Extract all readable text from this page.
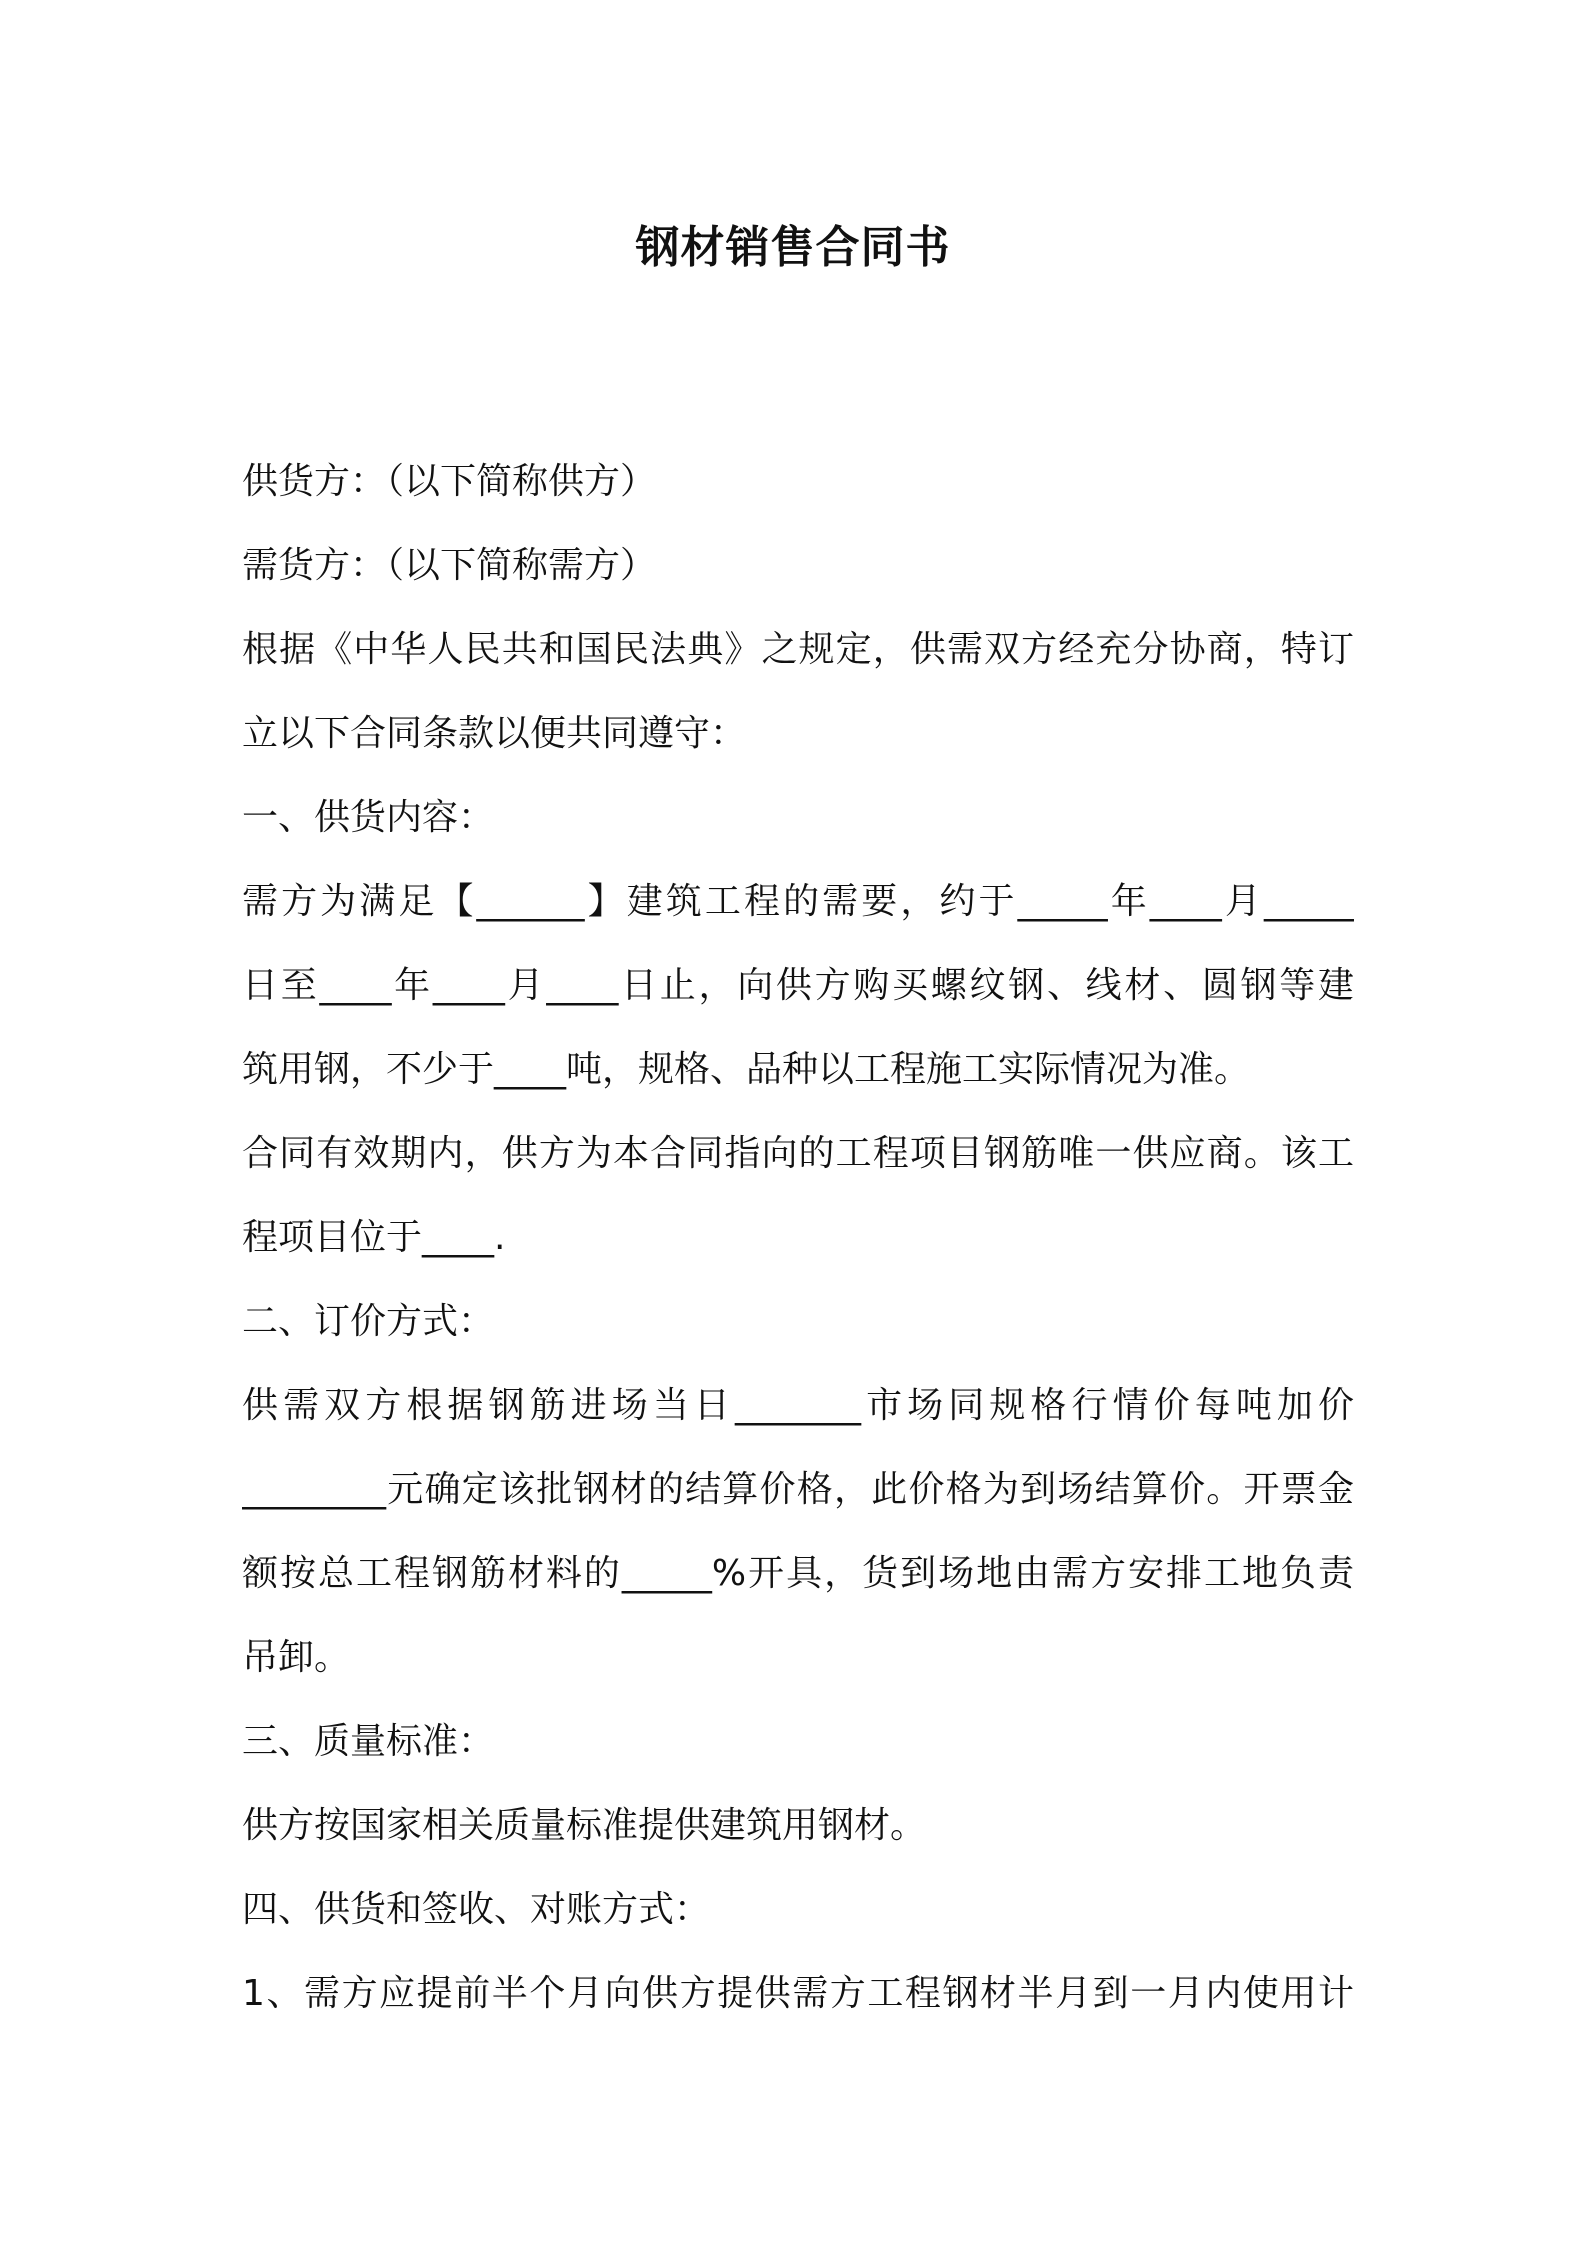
钢材销售合同书
供货方：（以下简称供方）
需货方：（以下简称需方）
根据《中华人民共和国民法典》之规定，供需双方经充分协商，特订
立以下合同条款以便共同遵守：
一、供货内容：
需方为满足【______】建筑工程的需要，约于_____年____月_____
日至____年____月____日止，向供方购买螺纹钢、线材、圆钢等建
筑用钢，不少于____吨，规格、品种以工程施工实际情况为准。
合同有效期内，供方为本合同指向的工程项目钢筋唯一供应商。该工
程项目位于____.
二、订价方式：
供需双方根据钢筋进场当日_______市场同规格行情价每吨加价
________元确定该批钢材的结算价格，此价格为到场结算价。开票金
额按总工程钢筋材料的_____%开具，货到场地由需方安排工地负责
吊卸。
三、质量标准：
供方按国家相关质量标准提供建筑用钢材。
四、供货和签收、对账方式：
1、需方应提前半个月向供方提供需方工程钢材半月到一月内使用计
